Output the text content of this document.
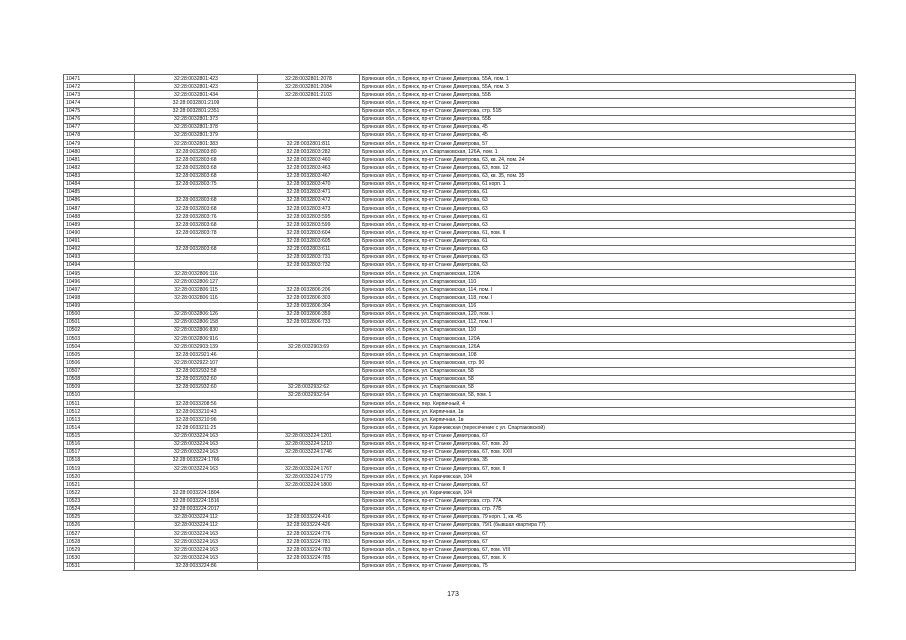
10471	32:28:0032801:423	32:28:0032801:2078	Брянская обл., г. Брянск, пр-кт Станке Димитрова, 55А, пом. 1
10472	32:28:0032801:423	32:28:0032801:2084	Брянская обл., г. Брянск, пр-кт Станке Димитрова, 55А, пом. 3
10473	32:28:0032801:434	32:28:0032801:2103	Брянская обл., г. Брянск, пр-кт Станке Димитрова, 55Б
10474	32:28:0032801:2109		Брянская обл., г. Брянск, пр-кт Станке Димитрова
10475	32:28:0032801:2351		Брянская обл., г. Брянск, пр-кт Станке Димитрова, стр. 51Б
10476	32:28:0032801:373		Брянская обл., г. Брянск, пр-кт Станке Димитрова, 55Б
10477	32:28:0032801:378		Брянская обл., г. Брянск, пр-кт Станке Димитрова, 45
10478	32:28:0032801:379		Брянская обл., г. Брянск, пр-кт Станке Димитрова, 45
10479	32:28:0032801:383	32:28:0032801:811	Брянская обл., г. Брянск, пр-кт Станке Димитрова, 57
10480	32:28:0032803:80	32:28:0032803:282	Брянская обл., г. Брянск, ул. Спартаковская, 126А, пом. 1
10481	32:28:0032803:68	32:28:0032803:460	Брянская обл., г. Брянск, пр-кт Станке Димитрова, 63, кв. 24, пом. 24
10482	32:28:0032803:68	32:28:0032803:463	Брянская обл., г. Брянск, пр-кт Станке Димитрова, 63, пом. 12
10483	32:28:0032803:68	32:28:0032803:467	Брянская обл., г. Брянск, пр-кт Станке Димитрова, 63, кв. 35, пом. 35
10484	32:28:0032803:75	32:28:0032803:470	Брянская обл., г. Брянск, пр-кт Станке Димитрова, 61 корп. 1
10485		32:28:0032803:471	Брянская обл., г. Брянск, пр-кт Станке Димитрова, 61
10486	32:28:0032803:68	32:28:0032803:472	Брянская обл., г. Брянск, пр-кт Станке Димитрова, 63
10487	32:28:0032803:68	32:28:0032803:473	Брянская обл., г. Брянск, пр-кт Станке Димитрова, 63
10488	32:28:0032803:76	32:28:0032803:595	Брянская обл., г. Брянск, пр-кт Станке Димитрова, 61
10489	32:28:0032803:68	32:28:0032803:599	Брянская обл., г. Брянск, пр-кт Станке Димитрова, 63
10490	32:28:0032803:78	32:28:0032803:604	Брянская обл., г. Брянск, пр-кт Станке Димитрова, 61, пом. II
10491		32:28:0032803:605	Брянская обл., г. Брянск, пр-кт Станке Димитрова, 61
10492	32:28:0032803:68	32:28:0032803:611	Брянская обл., г. Брянск, пр-кт Станке Димитрова, 63
10493		32:28:0032803:731	Брянская обл., г. Брянск, пр-кт Станке Димитрова, 63
10494		32:28:0032803:732	Брянская обл., г. Брянск, пр-кт Станке Димитрова, 63
10495	32:28:0032806:116		Брянская обл., г. Брянск, ул. Спартаковская, 120А
10496	32:28:0032806:127		Брянская обл., г. Брянск, ул. Спартаковская, 110
10497	32:28:0032806:115	32:28:0032806:206	Брянская обл., г. Брянск, ул. Спартаковская, 114, пом. I
10498	32:28:0032806:116	32:28:0032806:303	Брянская обл., г. Брянск, ул. Спартаковская, 118, пом. I
10499		32:28:0032806:304	Брянская обл., г. Брянск, ул. Спартаковская, 116
10500	32:28:0032806:126	32:28:0032806:359	Брянская обл., г. Брянск, ул. Спартаковская, 120, пом. I
10501	32:28:0032806:158	32:28:0032806:733	Брянская обл., г. Брянск, ул. Спартаковская, 112, пом. I
10502	32:28:0032806:830		Брянская обл., г. Брянск, ул. Спартаковская, 110
10503	32:28:0032806:916		Брянская обл., г. Брянск, ул. Спартаковская, 120А
10504	32:28:0032903:139	32:28:0032903:69	Брянская обл., г. Брянск, ул. Спартаковская, 126А
10505	32:28:0032921:46		Брянская обл., г. Брянск, ул. Спартаковская, 108
10506	32:28:0032922:107		Брянская обл., г. Брянск, ул. Спартаковская, стр. 90
10507	32:28:0032932:58		Брянская обл., г. Брянск, ул. Спартаковская, 58
10508	32:28:0032932:60		Брянская обл., г. Брянск, ул. Спартаковская, 58
10509	32:28:0032932:60	32:28:0032932:62	Брянская обл., г. Брянск, ул. Спартаковская, 58
10510		32:28:0032932:64	Брянская обл., г. Брянск, ул. Спартаковская, 58, пом. 1
10511	32:28:0033208:56		Брянская обл., г. Брянск, пер. Кирпичный, 4
10512	32:28:0033210:43		Брянская обл., г. Брянск, ул. Кирпичная, 1в
10513	32:28:0033210:96		Брянская обл., г. Брянск, ул. Кирпичная, 1в
10514	32:28:0033211:25		Брянская обл., г. Брянск, ул. Карачижская (пересечение с ул. Спартаковской)
10515	32:28:0033224:163	32:28:0033224:1201	Брянская обл., г. Брянск, пр-кт Станке Димитрова, 67
10516	32:28:0033224:163	32:28:0033224:1210	Брянская обл., г. Брянск, пр-кт Станке Димитрова, 67, пом. 20
10517	32:28:0033224:163	32:28:0033224:1746	Брянская обл., г. Брянск, пр-кт Станке Димитрова, 67, пом. XXII
10518	32:28:0033224:1766		Брянская обл., г. Брянск, пр-кт Станке Димитрова, 35
10519	32:28:0033224:163	32:28:0033224:1767	Брянская обл., г. Брянск, пр-кт Станке Димитрова, 67, пом. II
10520		32:28:0033224:1779	Брянская обл., г. Брянск, ул. Карачижская, 104
10521		32:28:0033224:1800	Брянская обл., г. Брянск, пр-кт Станке Димитрова, 67
10522	32:28:0033224:1804		Брянская обл., г. Брянск, ул. Карачижская, 104
10523	32:28:0033224:1816		Брянская обл., г. Брянск, пр-кт Станке Димитрова, стр. 77А
10524	32:28:0033224:2017		Брянская обл., г. Брянск, пр-кт Станке Димитрова, стр. 77Б
10525	32:28:0033224:112	32:28:0033224:416	Брянская обл., г. Брянск, пр-кт Станке Димитрова, 79 корп. 1, кв. 45
10526	32:28:0033224:112	32:28:0033224:426	Брянская обл., г. Брянск, пр-кт Станке Димитрова, 79/1 (бывшая квартира 77)
10527	32:28:0033224:163	32:28:0033224:776	Брянская обл., г. Брянск, пр-кт Станке Димитрова, 67
10528	32:28:0033224:163	32:28:0033224:781	Брянская обл., г. Брянск, пр-кт Станке Димитрова, 67
10529	32:28:0033224:163	32:28:0033224:783	Брянская обл., г. Брянск, пр-кт Станке Димитрова, 67, пом. VIII
10530	32:28:0033224:163	32:28:0033224:785	Брянская обл., г. Брянск, пр-кт Станке Димитрова, 67, пом. X
10531	32:28:0033224:86		Брянская обл., г. Брянск, пр-кт Станке Димитрова, 75
173
